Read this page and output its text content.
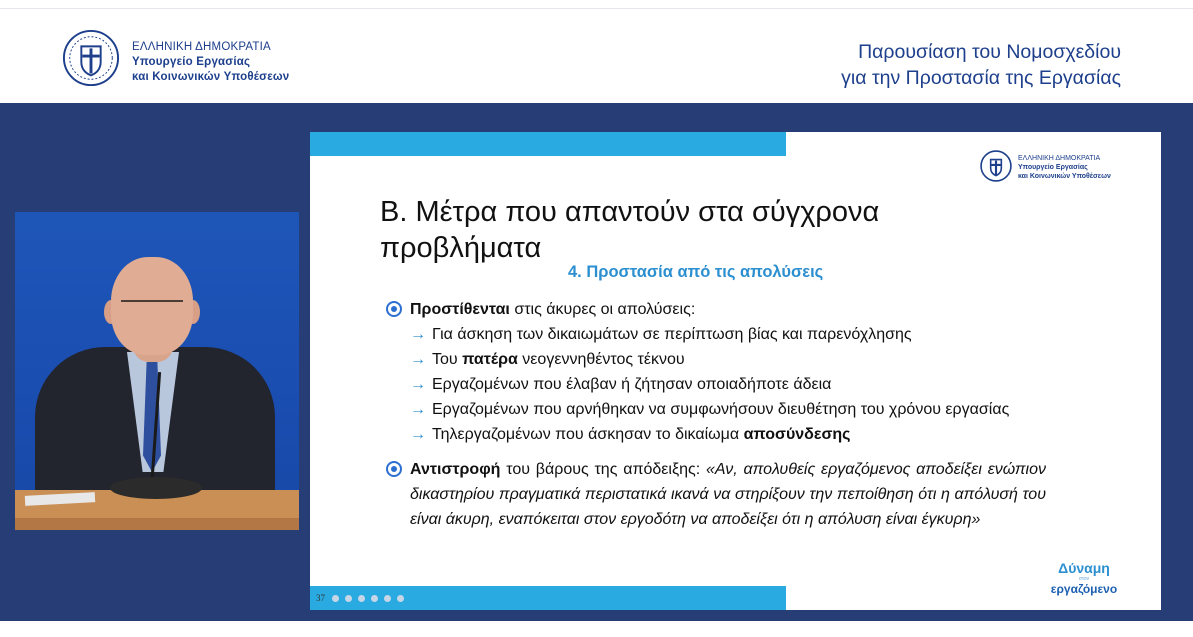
ΕΛΛΗΝΙΚΗ ΔΗΜΟΚΡΑΤΙΑ
Υπουργείο Εργασίας
και Κοινωνικών Υποθέσεων
Παρουσίαση του Νομοσχεδίου
για την Προστασία της Εργασίας
ΕΛΛΗΝΙΚΗ ΔΗΜΟΚΡΑΤΙΑ
Υπουργείο Εργασίας
και Κοινωνικών Υποθέσεων
Β. Μέτρα που απαντούν στα σύγχρονα προβλήματα
4. Προστασία από τις απολύσεις
Προστίθενται στις άκυρες οι απολύσεις:
→ Για άσκηση των δικαιωμάτων σε περίπτωση βίας και παρενόχλησης
→ Του πατέρα νεογεννηθέντος τέκνου
→ Εργαζομένων που έλαβαν ή ζήτησαν οποιαδήποτε άδεια
→ Εργαζομένων που αρνήθηκαν να συμφωνήσουν διευθέτηση του χρόνου εργασίας
→ Τηλεργαζομένων που άσκησαν το δικαίωμα αποσύνδεσης
Αντιστροφή του βάρους της απόδειξης: «Αν, απολυθείς εργαζόμενος αποδείξει ενώπιον δικαστηρίου πραγματικά περιστατικά ικανά να στηρίξουν την πεποίθηση ότι η απόλυσή του είναι άκυρη, εναπόκειται στον εργοδότη να αποδείξει ότι η απόλυση είναι έγκυρη»
37
Δύναμη
στον
εργαζόμενο
